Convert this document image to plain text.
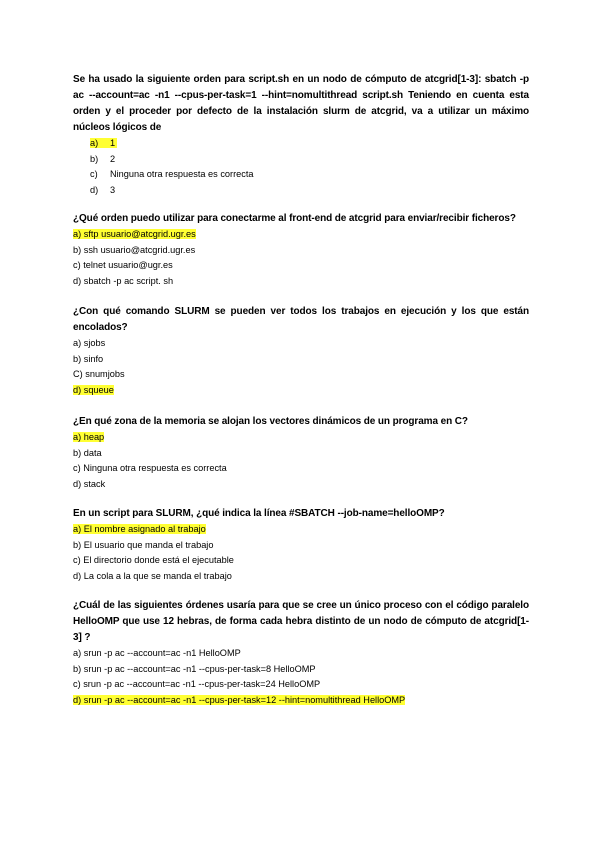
Se ha usado la siguiente orden para script.sh en un nodo de cómputo de atcgrid[1-3]: sbatch -p ac --account=ac -n1 --cpus-per-task=1 --hint=nomultithread script.sh Teniendo en cuenta esta orden y el proceder por defecto de la instalación slurm de atcgrid, va a utilizar un máximo núcleos lógicos de

a) 1
b) 2
c) Ninguna otra respuesta es correcta
d) 3

¿Qué orden puedo utilizar para conectarme al front-end de atcgrid para enviar/recibir ficheros?

a) sftp usuario@atcgrid.ugr.es
b) ssh usuario@atcgrid.ugr.es
c) telnet usuario@ugr.es
d) sbatch -p ac script. sh

¿Con qué comando SLURM se pueden ver todos los trabajos en ejecución y los que están encolados?

a) sjobs
b) sinfo
C) snumjobs
d) squeue

¿En qué zona de la memoria se alojan los vectores dinámicos de un programa en C?

a) heap
b) data
c) Ninguna otra respuesta es correcta
d) stack

En un script para SLURM, ¿qué indica la línea #SBATCH --job-name=helloOMP?

a) El nombre asignado al trabajo
b) El usuario que manda el trabajo
c) El directorio donde está el ejecutable
d) La cola a la que se manda el trabajo

¿Cuál de las siguientes órdenes usaría para que se cree un único proceso con el código paralelo HelloOMP que use 12 hebras, de forma cada hebra distinto de un nodo de cómputo de atcgrid[1-3] ?

a) srun -p ac --account=ac -n1 HelloOMP
b) srun -p ac --account=ac -n1 --cpus-per-task=8 HelloOMP
c) srun -p ac --account=ac -n1 --cpus-per-task=24 HelloOMP
d) srun -p ac --account=ac -n1 --cpus-per-task=12 --hint=nomultithread HelloOMP
